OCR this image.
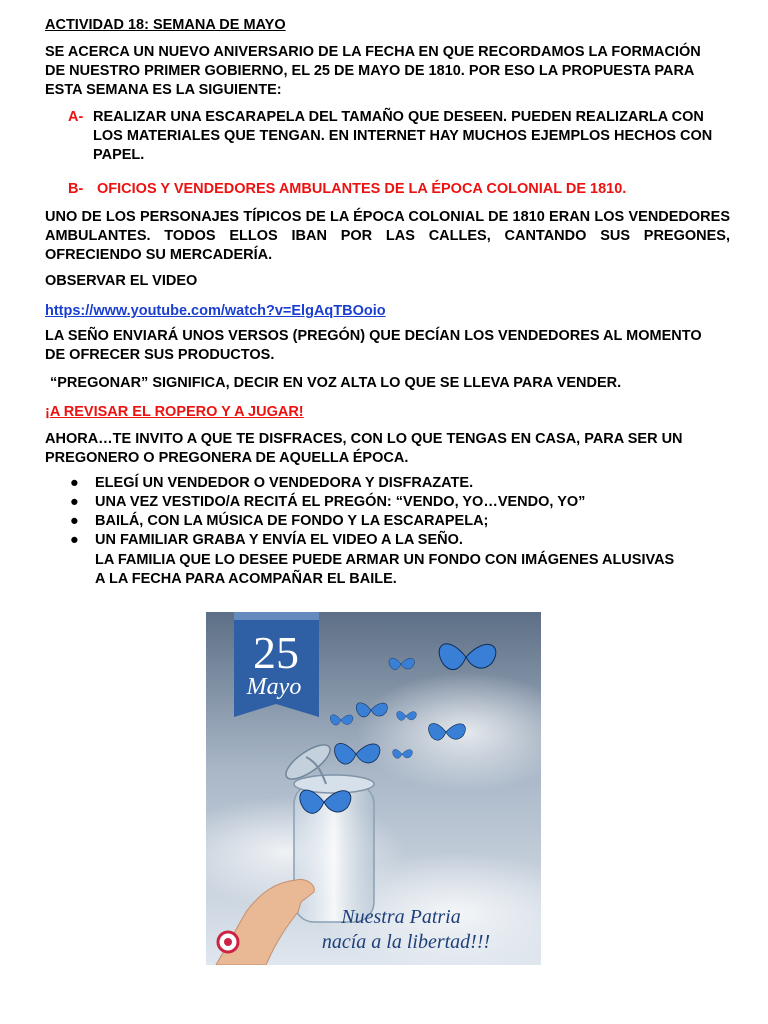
ACTIVIDAD 18: SEMANA DE MAYO

SE ACERCA UN NUEVO ANIVERSARIO DE LA FECHA EN QUE RECORDAMOS LA FORMACIÓN DE NUESTRO PRIMER GOBIERNO, EL 25 DE MAYO DE 1810. POR ESO LA PROPUESTA PARA ESTA SEMANA ES LA SIGUIENTE:

A- REALIZAR UNA ESCARAPELA DEL TAMAÑO QUE DESEEN. PUEDEN REALIZARLA CON LOS MATERIALES QUE TENGAN. EN INTERNET HAY MUCHOS EJEMPLOS HECHOS CON PAPEL.
B- OFICIOS Y VENDEDORES AMBULANTES DE LA ÉPOCA COLONIAL DE 1810.

UNO DE LOS PERSONAJES TÍPICOS DE LA ÉPOCA COLONIAL DE 1810 ERAN LOS VENDEDORES AMBULANTES. TODOS ELLOS IBAN POR LAS CALLES, CANTANDO SUS PREGONES, OFRECIENDO SU MERCADERÍA.

OBSERVAR EL VIDEO

https://www.youtube.com/watch?v=ElgAqTBOoio

LA SEÑO ENVIARÁ UNOS VERSOS (PREGÓN) QUE DECÍAN LOS VENDEDORES AL MOMENTO DE OFRECER SUS PRODUCTOS.

“PREGONAR” SIGNIFICA, DECIR EN VOZ ALTA LO QUE SE LLEVA PARA VENDER.

¡A REVISAR EL ROPERO Y A JUGAR!

AHORA…TE INVITO A QUE TE DISFRACES, CON LO QUE TENGAS EN CASA, PARA SER UN PREGONERO O PREGONERA DE AQUELLA ÉPOCA.

● ELEGÍ UN VENDEDOR O VENDEDORA Y DISFRAZATE.
● UNA VEZ VESTIDO/A RECITÁ EL PREGÓN: “VENDO, YO…VENDO, YO”
● BAILÁ, CON LA MÚSICA DE FONDO Y LA ESCARAPELA;
● UN FAMILIAR GRABA Y ENVÍA EL VIDEO A LA SEÑO.

LA FAMILIA QUE LO DESEE PUEDE ARMAR UN FONDO CON IMÁGENES ALUSIVAS A LA FECHA PARA ACOMPAÑAR EL BAILE.

25
Mayo
Nuestra Patria
nacía a la libertad!!!
